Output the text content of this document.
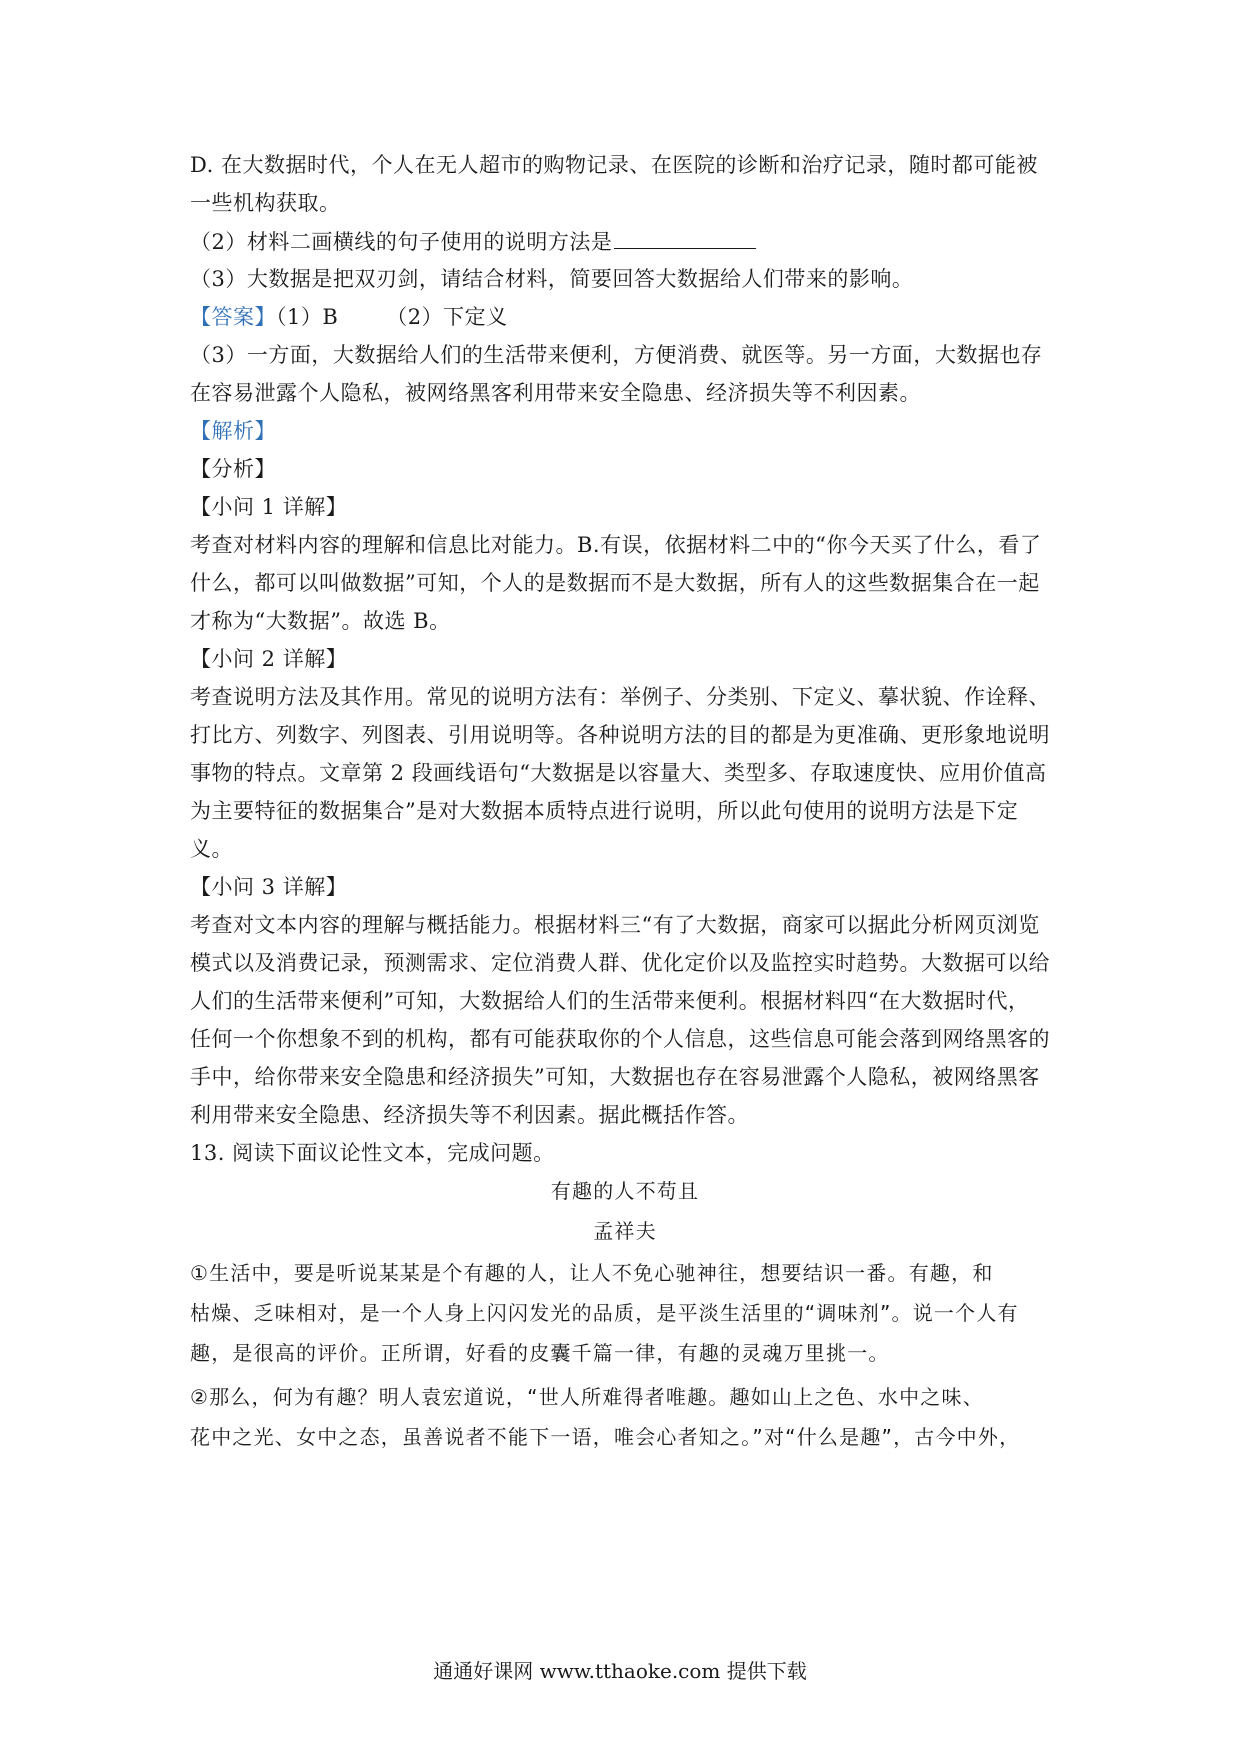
D. 在大数据时代，个人在无人超市的购物记录、在医院的诊断和治疗记录，随时都可能被
一些机构获取。
（2）材料二画横线的句子使用的说明方法是
（3）大数据是把双刃剑，请结合材料，简要回答大数据给人们带来的影响。
【答案】（1）B （2）下定义
（3）一方面，大数据给人们的生活带来便利，方便消费、就医等。另一方面，大数据也存
在容易泄露个人隐私，被网络黑客利用带来安全隐患、经济损失等不利因素。
【解析】
【分析】
【小问 1 详解】
考查对材料内容的理解和信息比对能力。B.有误，依据材料二中的“你今天买了什么，看了
什么，都可以叫做数据”可知，个人的是数据而不是大数据，所有人的这些数据集合在一起
才称为“大数据”。故选 B。
【小问 2 详解】
考查说明方法及其作用。常见的说明方法有：举例子、分类别、下定义、摹状貌、作诠释、
打比方、列数字、列图表、引用说明等。各种说明方法的目的都是为更准确、更形象地说明
事物的特点。文章第 2 段画线语句“大数据是以容量大、类型多、存取速度快、应用价值高
为主要特征的数据集合”是对大数据本质特点进行说明，所以此句使用的说明方法是下定
义。
【小问 3 详解】
考查对文本内容的理解与概括能力。根据材料三“有了大数据，商家可以据此分析网页浏览
模式以及消费记录，预测需求、定位消费人群、优化定价以及监控实时趋势。大数据可以给
人们的生活带来便利”可知，大数据给人们的生活带来便利。根据材料四“在大数据时代，
任何一个你想象不到的机构，都有可能获取你的个人信息，这些信息可能会落到网络黑客的
手中，给你带来安全隐患和经济损失”可知，大数据也存在容易泄露个人隐私，被网络黑客
利用带来安全隐患、经济损失等不利因素。据此概括作答。
13. 阅读下面议论性文本，完成问题。
有趣的人不苟且
孟祥夫
①生活中，要是听说某某是个有趣的人，让人不免心驰神往，想要结识一番。有趣，和
枯燥、乏味相对，是一个人身上闪闪发光的品质，是平淡生活里的“调味剂”。说一个人有
趣，是很高的评价。正所谓，好看的皮囊千篇一律，有趣的灵魂万里挑一。
②那么，何为有趣？明人袁宏道说，“世人所难得者唯趣。趣如山上之色、水中之味、
花中之光、女中之态，虽善说者不能下一语，唯会心者知之。”对“什么是趣”，古今中外，
通通好课网 www.tthaoke.com 提供下载
